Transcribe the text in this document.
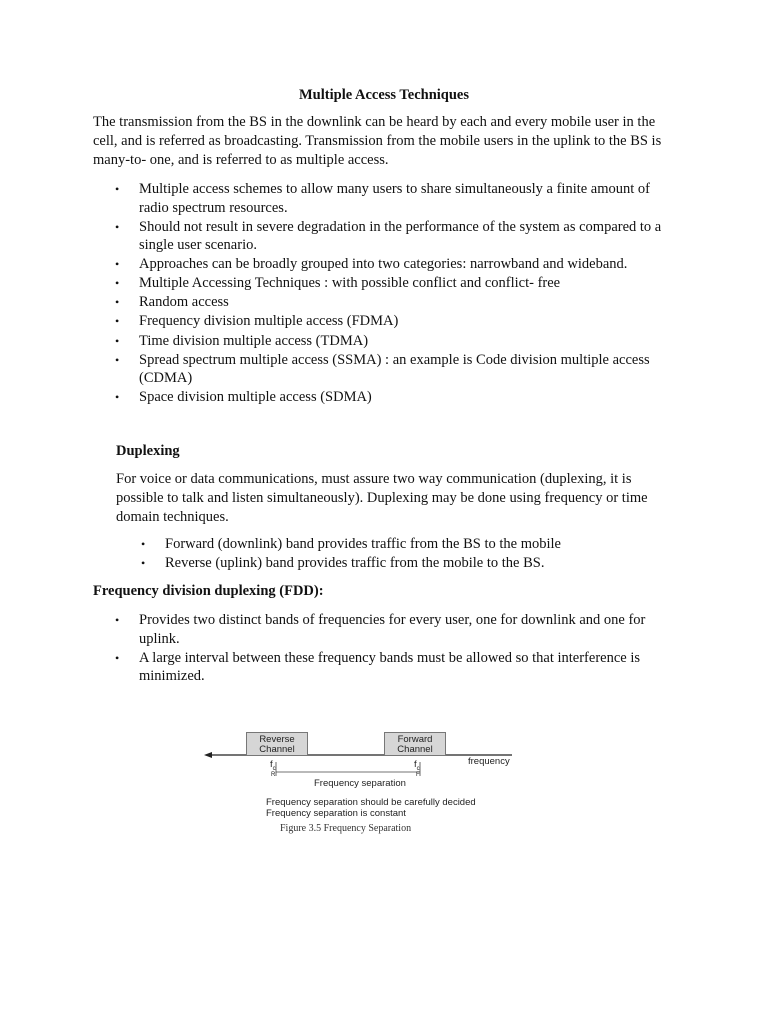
Multiple Access Techniques

The transmission from the BS in the downlink can be heard by each and every mobile user in the cell, and is referred as broadcasting. Transmission from the mobile users in the uplink to the BS is many-to- one, and is referred to as multiple access.

• Multiple access schemes to allow many users to share simultaneously a finite amount of radio spectrum resources.
• Should not result in severe degradation in the performance of the system as compared to a single user scenario.
• Approaches can be broadly grouped into two categories: narrowband and wideband.
• Multiple Accessing Techniques : with possible conflict and conflict- free
• Random access
• Frequency division multiple access (FDMA)
• Time division multiple access (TDMA)
• Spread spectrum multiple access (SSMA) : an example is Code division multiple access (CDMA)
• Space division multiple access (SDMA)
Duplexing

For voice or data communications, must assure two way communication (duplexing, it is possible to talk and listen simultaneously). Duplexing may be done using frequency or time domain techniques.

• Forward (downlink) band provides traffic from the BS to the mobile
• Reverse (uplink) band provides traffic from the mobile to the BS.
Frequency division duplexing (FDD):
• Provides two distinct bands of frequencies for every user, one for downlink and one for uplink.
• A large interval between these frequency bands must be allowed so that interference is minimized.
Reverse Channel
Forward Channel
frequency
$f_c$
R
$f_c$
F
Frequency separation
Frequency separation should be carefully decided
Frequency separation is constant
Figure 3.5 Frequency Separation
